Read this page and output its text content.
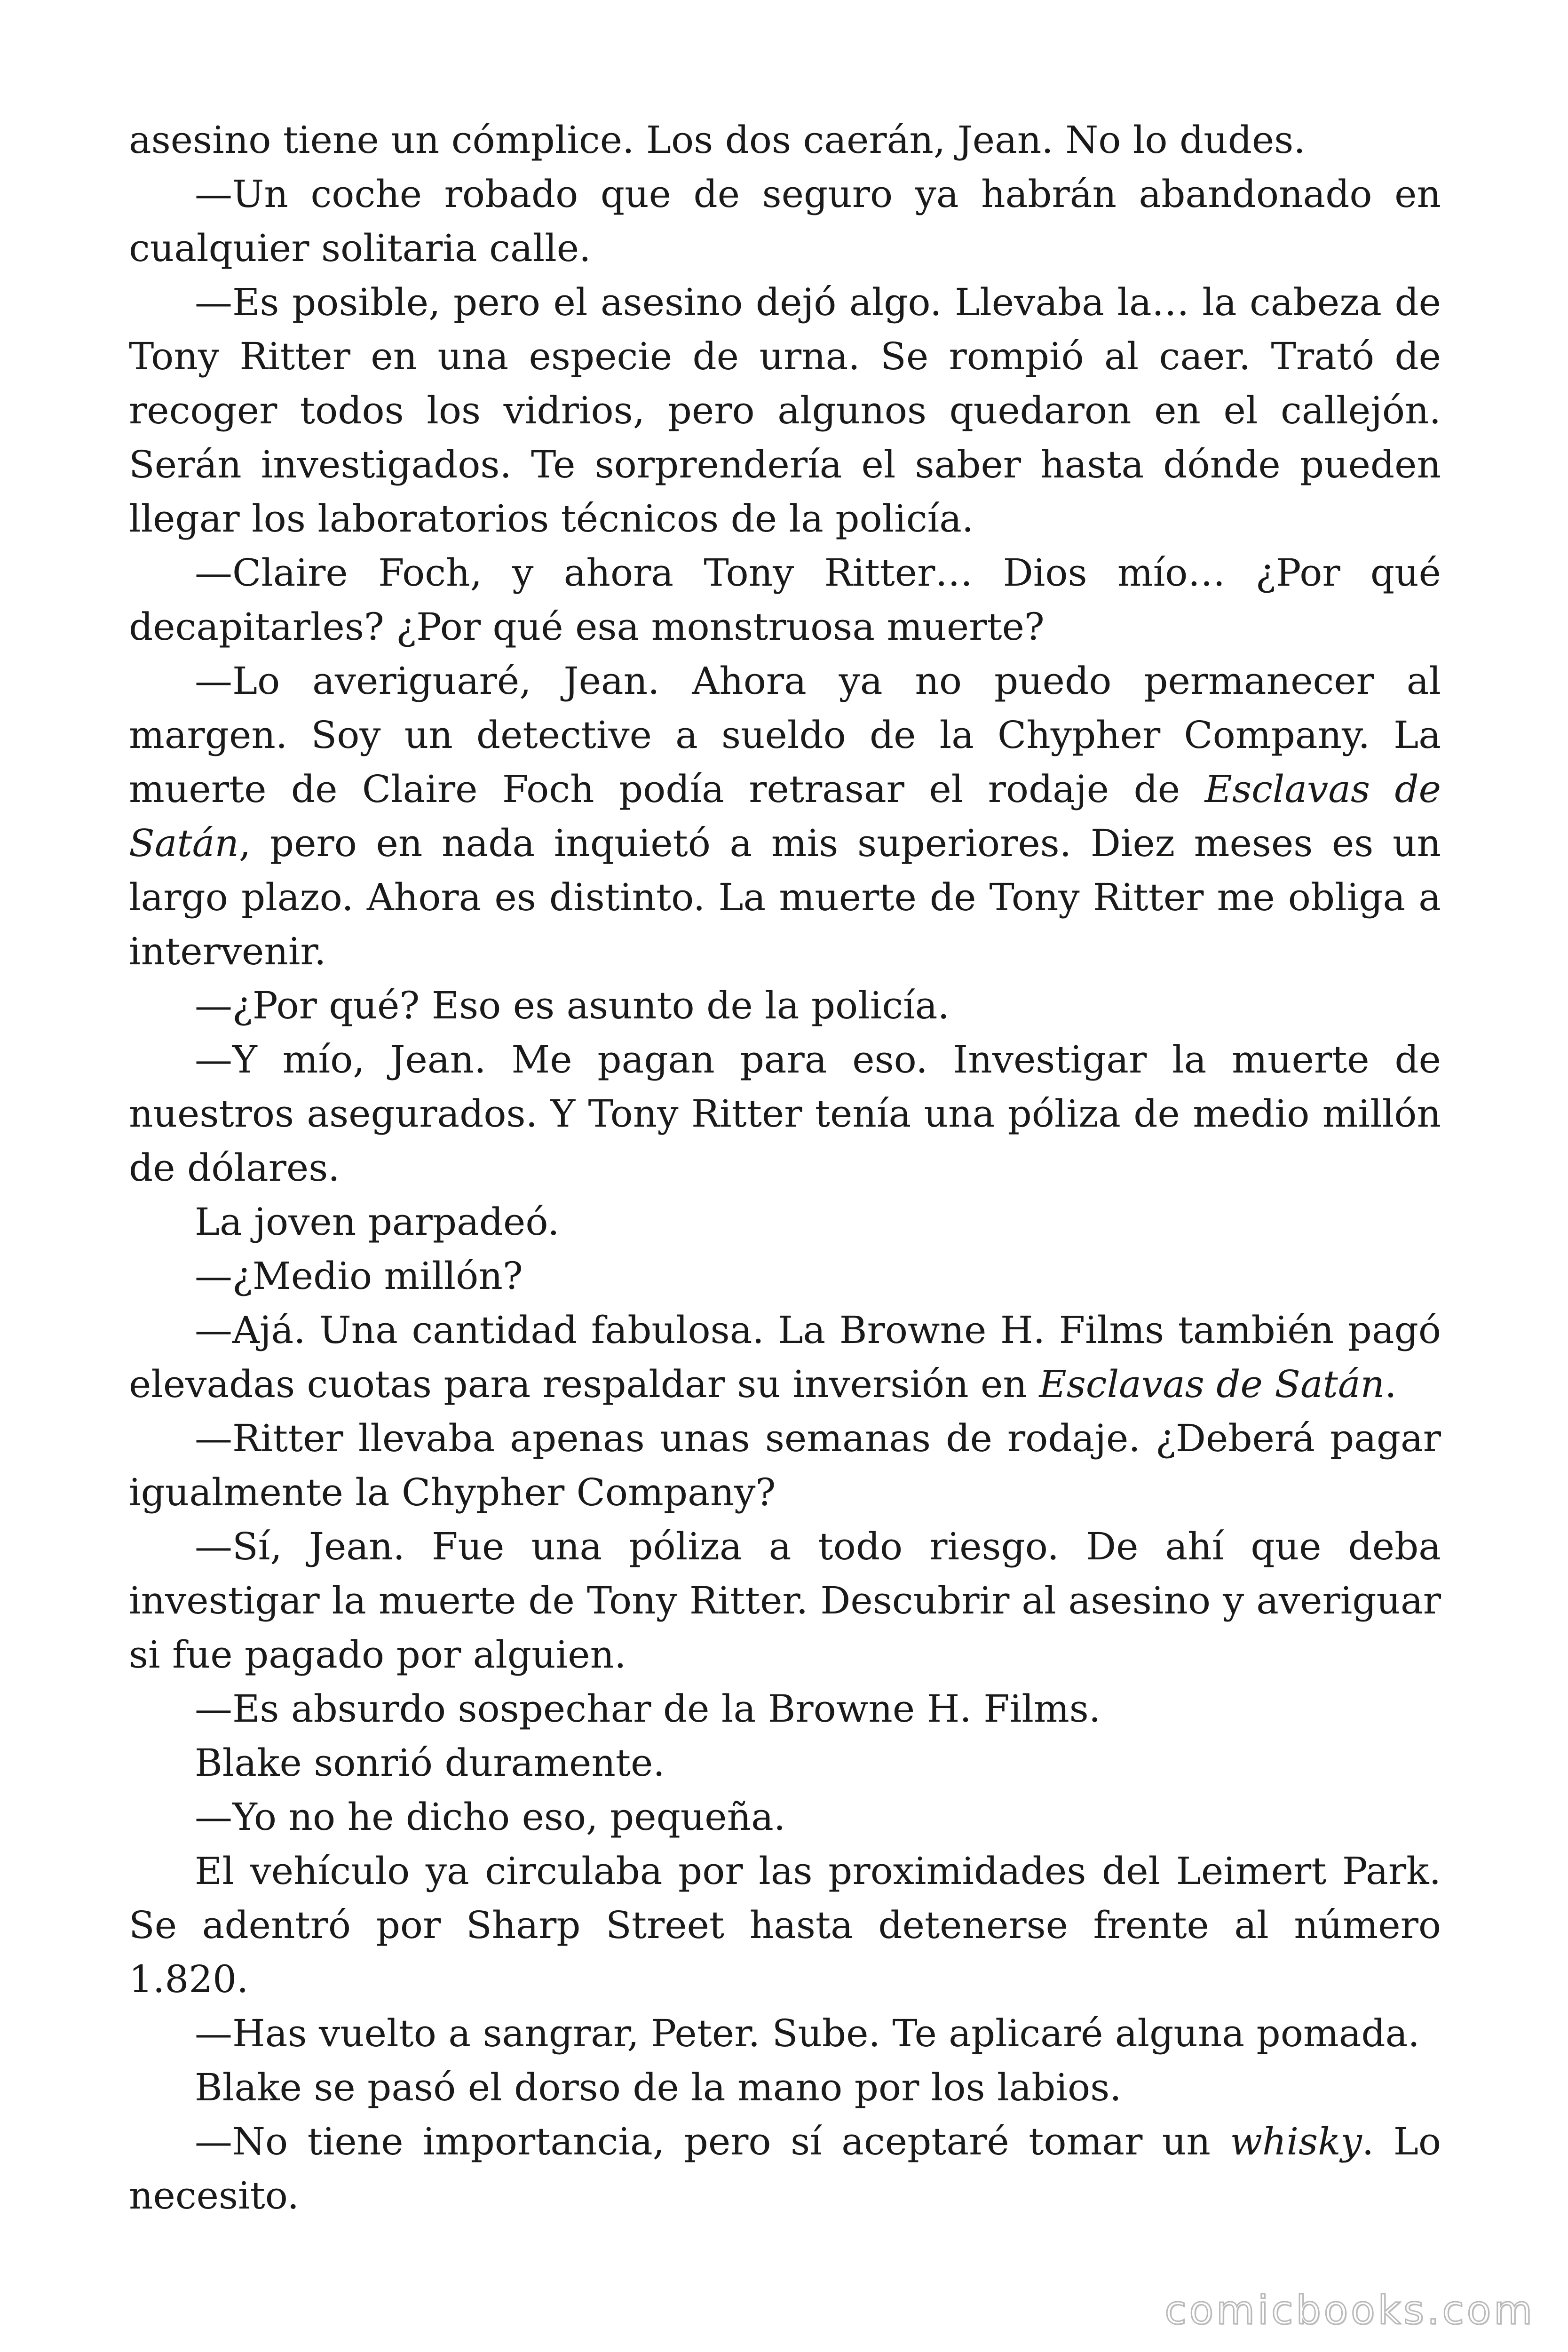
asesino tiene un cómplice. Los dos caerán, Jean. No lo dudes.

—Un coche robado que de seguro ya habrán abandonado en cualquier solitaria calle.

—Es posible, pero el asesino dejó algo. Llevaba la… la cabeza de Tony Ritter en una especie de urna. Se rompió al caer. Trató de recoger todos los vidrios, pero algunos quedaron en el callejón. Serán investigados. Te sorprendería el saber hasta dónde pueden llegar los laboratorios técnicos de la policía.

—Claire Foch, y ahora Tony Ritter… Dios mío… ¿Por qué decapitarles? ¿Por qué esa monstruosa muerte?

—Lo averiguaré, Jean. Ahora ya no puedo permanecer al margen. Soy un detective a sueldo de la Chypher Company. La muerte de Claire Foch podía retrasar el rodaje de Esclavas de Satán, pero en nada inquietó a mis superiores. Diez meses es un largo plazo. Ahora es distinto. La muerte de Tony Ritter me obliga a intervenir.

—¿Por qué? Eso es asunto de la policía.

—Y mío, Jean. Me pagan para eso. Investigar la muerte de nuestros asegurados. Y Tony Ritter tenía una póliza de medio millón de dólares.

La joven parpadeó.

—¿Medio millón?

—Ajá. Una cantidad fabulosa. La Browne H. Films también pagó elevadas cuotas para respaldar su inversión en Esclavas de Satán.

—Ritter llevaba apenas unas semanas de rodaje. ¿Deberá pagar igualmente la Chypher Company?

—Sí, Jean. Fue una póliza a todo riesgo. De ahí que deba investigar la muerte de Tony Ritter. Descubrir al asesino y averiguar si fue pagado por alguien.

—Es absurdo sospechar de la Browne H. Films.

Blake sonrió duramente.

—Yo no he dicho eso, pequeña.

El vehículo ya circulaba por las proximidades del Leimert Park. Se adentró por Sharp Street hasta detenerse frente al número 1.820.

—Has vuelto a sangrar, Peter. Sube. Te aplicaré alguna pomada.

Blake se pasó el dorso de la mano por los labios.

—No tiene importancia, pero sí aceptaré tomar un whisky. Lo necesito.

comicbooks.com
